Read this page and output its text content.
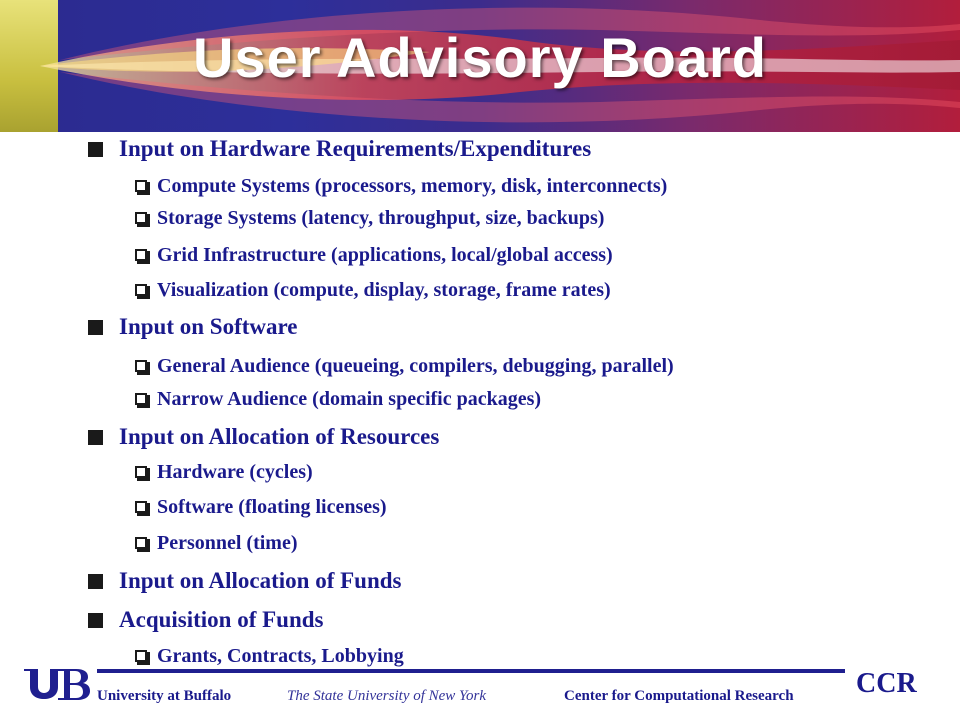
User Advisory Board
Input on Hardware Requirements/Expenditures
Compute Systems (processors, memory, disk, interconnects)
Storage Systems (latency, throughput, size, backups)
Grid Infrastructure (applications, local/global access)
Visualization (compute, display, storage, frame rates)
Input on Software
General Audience (queueing, compilers, debugging, parallel)
Narrow Audience (domain specific packages)
Input on Allocation of Resources
Hardware (cycles)
Software (floating licenses)
Personnel (time)
Input on Allocation of Funds
Acquisition of Funds
Grants, Contracts, Lobbying
University at Buffalo	The State University of New York	Center for Computational Research CCR
